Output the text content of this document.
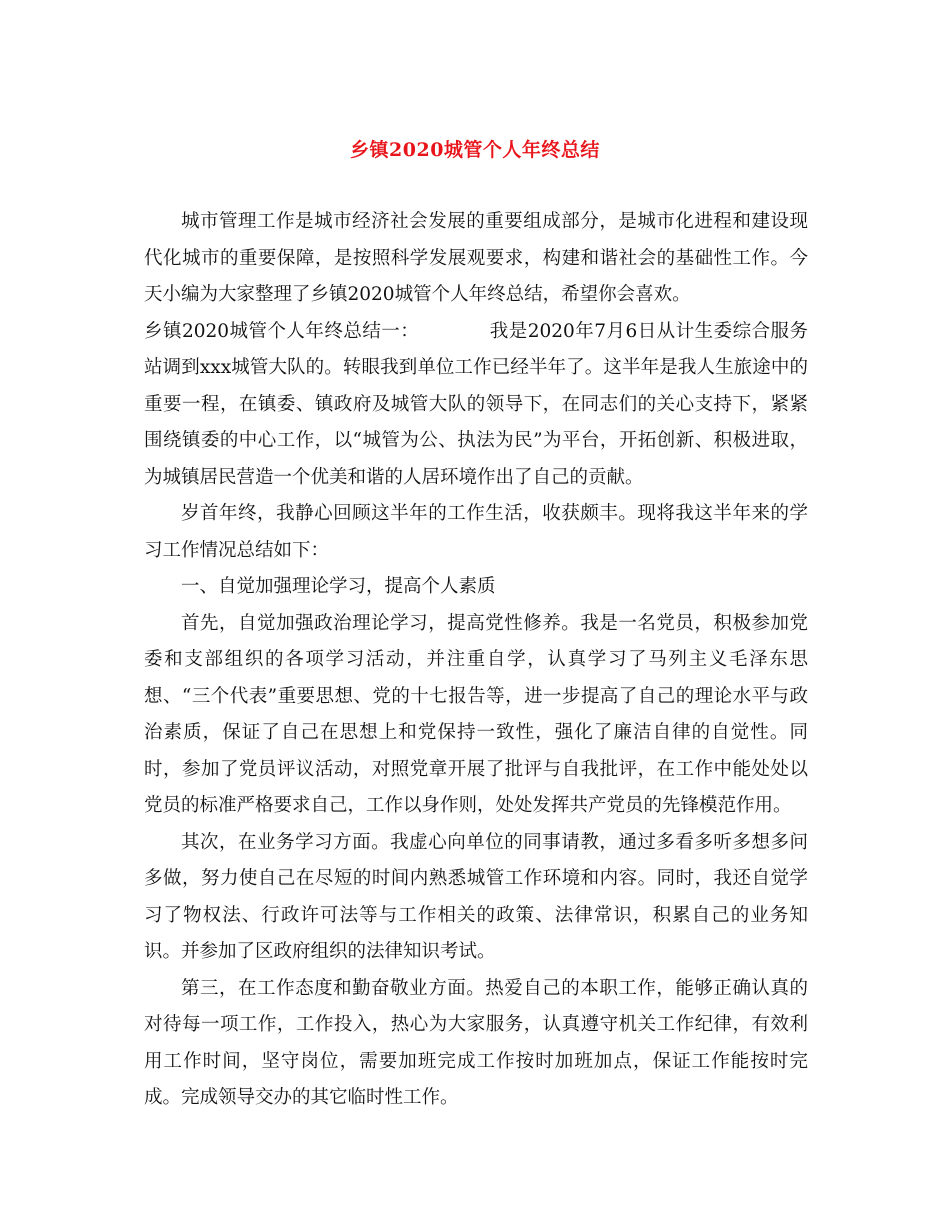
乡镇2020城管个人年终总结

城市管理工作是城市经济社会发展的重要组成部分，是城市化进程和建设现代化城市的重要保障，是按照科学发展观要求，构建和谐社会的基础性工作。今天小编为大家整理了乡镇2020城管个人年终总结，希望你会喜欢。

乡镇2020城管个人年终总结一：	我是2020年7月6日从计生委综合服务站调到xxx城管大队的。转眼我到单位工作已经半年了。这半年是我人生旅途中的重要一程，在镇委、镇政府及城管大队的领导下，在同志们的关心支持下，紧紧围绕镇委的中心工作，以“城管为公、执法为民”为平台，开拓创新、积极进取，为城镇居民营造一个优美和谐的人居环境作出了自己的贡献。

岁首年终，我静心回顾这半年的工作生活，收获颇丰。现将我这半年来的学习工作情况总结如下：

一、自觉加强理论学习，提高个人素质

首先，自觉加强政治理论学习，提高党性修养。我是一名党员，积极参加党委和支部组织的各项学习活动，并注重自学，认真学习了马列主义毛泽东思想、“三个代表”重要思想、党的十七报告等，进一步提高了自己的理论水平与政治素质，保证了自己在思想上和党保持一致性，强化了廉洁自律的自觉性。同时，参加了党员评议活动，对照党章开展了批评与自我批评，在工作中能处处以党员的标准严格要求自己，工作以身作则，处处发挥共产党员的先锋模范作用。

其次，在业务学习方面。我虚心向单位的同事请教，通过多看多听多想多问多做，努力使自己在尽短的时间内熟悉城管工作环境和内容。同时，我还自觉学习了物权法、行政许可法等与工作相关的政策、法律常识，积累自己的业务知识。并参加了区政府组织的法律知识考试。

第三，在工作态度和勤奋敬业方面。热爱自己的本职工作，能够正确认真的对待每一项工作，工作投入，热心为大家服务，认真遵守机关工作纪律，有效利用工作时间，坚守岗位，需要加班完成工作按时加班加点，保证工作能按时完成。完成领导交办的其它临时性工作。
